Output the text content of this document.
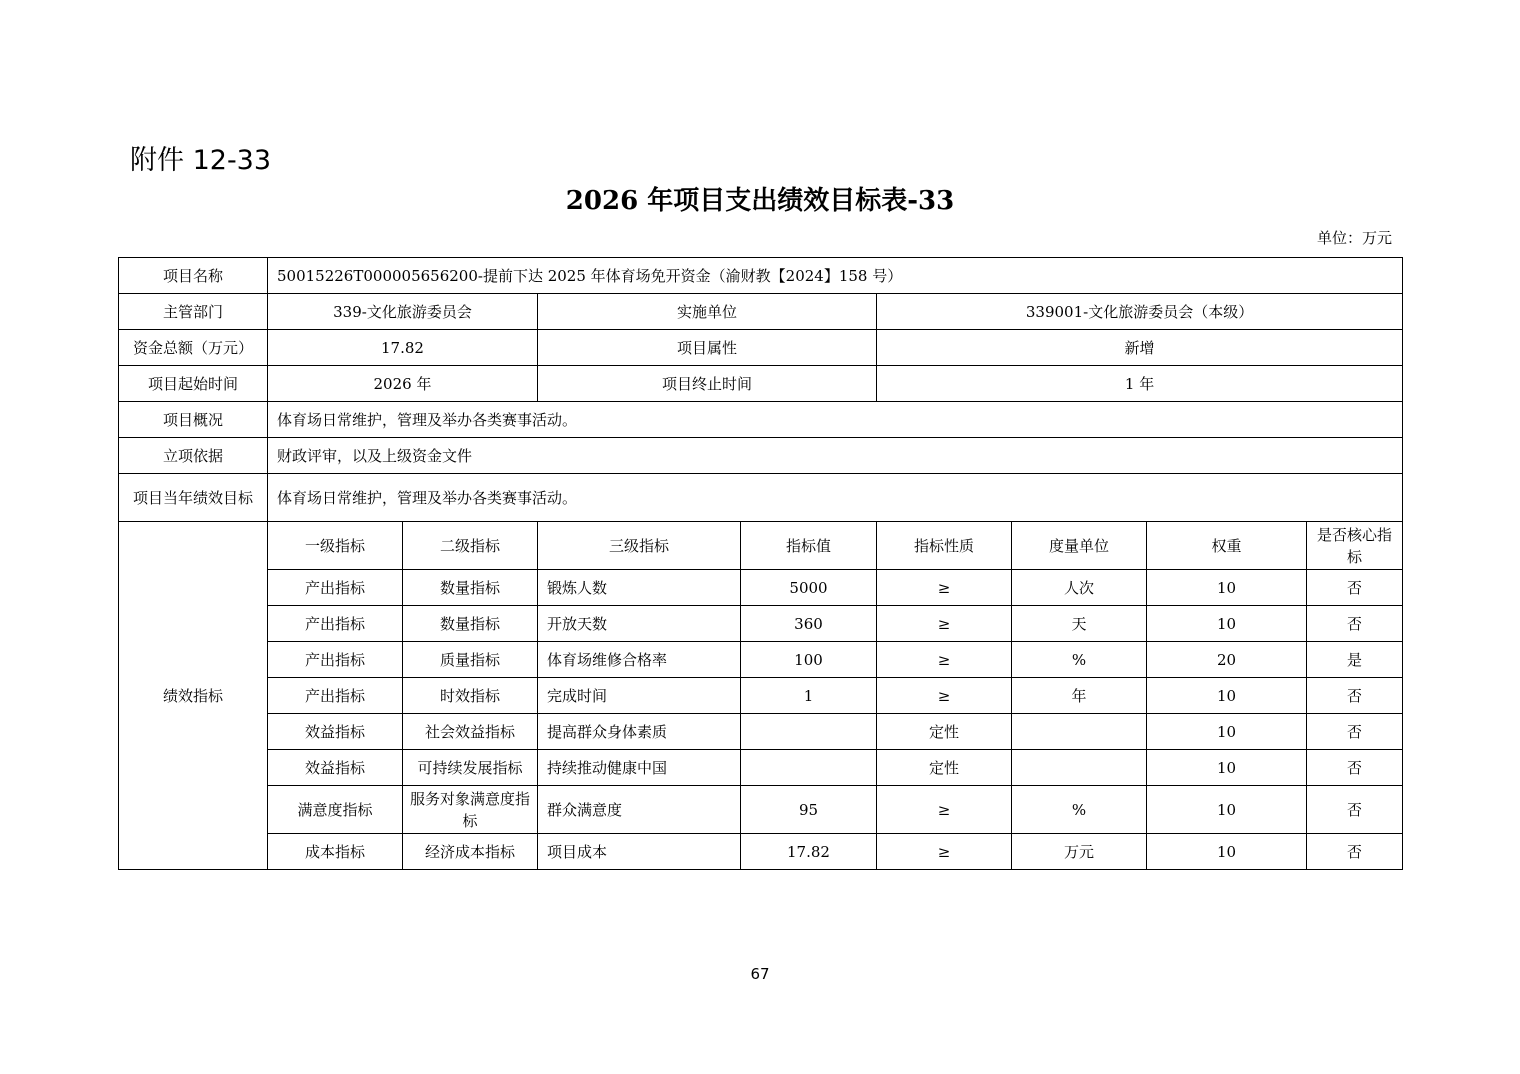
附件 12-33
2026 年项目支出绩效目标表-33
单位：万元
项目名称	50015226T000005656200-提前下达 2025 年体育场免开资金（渝财教【2024】158 号）							
主管部门	339-文化旅游委员会		实施单位		339001-文化旅游委员会（本级）			
资金总额（万元）	17.82		项目属性		新增			
项目起始时间	2026 年		项目终止时间		1 年			
项目概况	体育场日常维护，管理及举办各类赛事活动。							
立项依据	财政评审，以及上级资金文件							
项目当年绩效目标	体育场日常维护，管理及举办各类赛事活动。							
绩效指标	一级指标	二级指标	三级指标	指标值	指标性质	度量单位	权重	是否核心指标
	产出指标	数量指标	锻炼人数	5000	≥	人次	10	否
	产出指标	数量指标	开放天数	360	≥	天	10	否
	产出指标	质量指标	体育场维修合格率	100	≥	%	20	是
	产出指标	时效指标	完成时间	1	≥	年	10	否
	效益指标	社会效益指标	提高群众身体素质		定性		10	否
	效益指标	可持续发展指标	持续推动健康中国		定性		10	否
	满意度指标	服务对象满意度指标	群众满意度	95	≥	%	10	否
	成本指标	经济成本指标	项目成本	17.82	≥	万元	10	否
67
